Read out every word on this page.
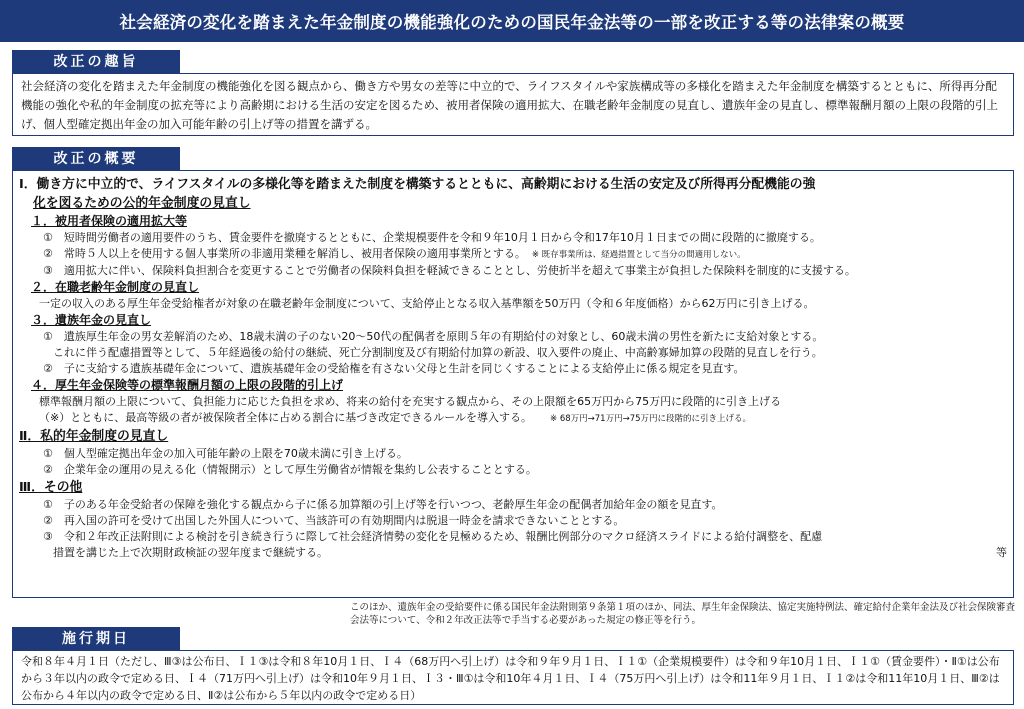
社会経済の変化を踏まえた年金制度の機能強化のための国民年金法等の一部を改正する等の法律案の概要
改正の趣旨
社会経済の変化を踏まえた年金制度の機能強化を図る観点から、働き方や男女の差等に中立的で、ライフスタイルや家族構成等の多様化を踏まえた年金制度を構築するとともに、所得再分配機能の強化や私的年金制度の拡充等により高齢期における生活の安定を図るため、被用者保険の適用拡大、在職老齢年金制度の見直し、遺族年金の見直し、標準報酬月額の上限の段階的引上げ、個人型確定拠出年金の加入可能年齢の引上げ等の措置を講ずる。
改正の概要
Ⅰ．働き方に中立的で、ライフスタイルの多様化等を踏まえた制度を構築するとともに、高齢期における生活の安定及び所得再分配機能の強
化を図るための公的年金制度の見直し
１．被用者保険の適用拡大等
①　短時間労働者の適用要件のうち、賃金要件を撤廃するとともに、企業規模要件を令和９年10月１日から令和17年10月１日までの間に段階的に撤廃する。
②　常時５人以上を使用する個人事業所の非適用業種を解消し、被用者保険の適用事業所とする。 ※ 既存事業所は、経過措置として当分の間適用しない。
③　適用拡大に伴い、保険料負担割合を変更することで労働者の保険料負担を軽減できることとし、労使折半を超えて事業主が負担した保険料を制度的に支援する。
２．在職老齢年金制度の見直し
一定の収入のある厚生年金受給権者が対象の在職老齢年金制度について、支給停止となる収入基準額を50万円（令和６年度価格）から62万円に引き上げる。
３．遺族年金の見直し
①　遺族厚生年金の男女差解消のため、18歳未満の子のない20～50代の配偶者を原則５年の有期給付の対象とし、60歳未満の男性を新たに支給対象とする。
これに伴う配慮措置等として、５年経過後の給付の継続、死亡分割制度及び有期給付加算の新設、収入要件の廃止、中高齢寡婦加算の段階的見直しを行う。
②　子に支給する遺族基礎年金について、遺族基礎年金の受給権を有さない父母と生計を同じくすることによる支給停止に係る規定を見直す。
４．厚生年金保険等の標準報酬月額の上限の段階的引上げ
標準報酬月額の上限について、負担能力に応じた負担を求め、将来の給付を充実する観点から、その上限額を65万円から75万円に段階的に引き上げる
（※）とともに、最高等級の者が被保険者全体に占める割合に基づき改定できるルールを導入する。 ※ 68万円→71万円→75万円に段階的に引き上げる。
Ⅱ．私的年金制度の見直し
①　個人型確定拠出年金の加入可能年齢の上限を70歳未満に引き上げる。
②　企業年金の運用の見える化（情報開示）として厚生労働省が情報を集約し公表することとする。
Ⅲ．その他
①　子のある年金受給者の保障を強化する観点から子に係る加算額の引上げ等を行いつつ、老齢厚生年金の配偶者加給年金の額を見直す。
②　再入国の許可を受けて出国した外国人について、当該許可の有効期間内は脱退一時金を請求できないこととする。
③　令和２年改正法附則による検討を引き続き行うに際して社会経済情勢の変化を見極めるため、報酬比例部分のマクロ経済スライドによる給付調整を、配慮
措置を講じた上で次期財政検証の翌年度まで継続する。	等
このほか、遺族年金の受給要件に係る国民年金法附則第９条第１項のほか、同法、厚生年金保険法、協定実施特例法、確定給付企業年金法及び社会保険審査会法等について、令和２年改正法等で手当する必要があった規定の修正等を行う。
施行期日
令和８年４月１日（ただし、Ⅲ③は公布日、Ｉ１③は令和８年10月１日、Ｉ４（68万円へ引上げ）は令和９年９月１日、Ｉ１①（企業規模要件）は令和９年10月１日、Ｉ１①（賃金要件）・Ⅱ①は公布から３年以内の政令で定める日、Ｉ４（71万円へ引上げ）は令和10年９月１日、Ｉ３・Ⅲ①は令和10年４月１日、Ｉ４（75万円へ引上げ）は令和11年９月１日、Ｉ１②は令和11年10月１日、Ⅲ②は公布から４年以内の政令で定める日、Ⅱ②は公布から５年以内の政令で定める日）
